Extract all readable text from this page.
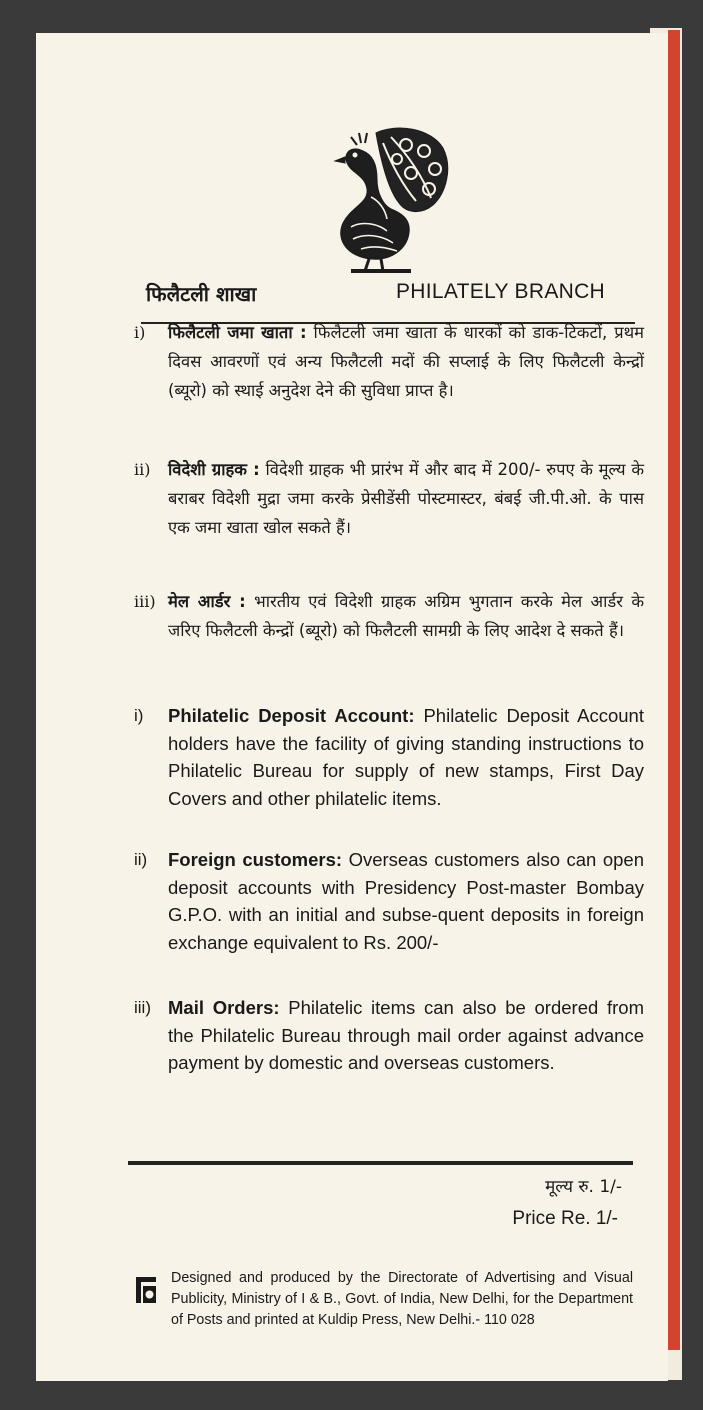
फिलैटली शाखा	PHILATELY BRANCH
i)	फिलैटली जमा खाता : फिलैटली जमा खाता के धारकों को डाक-टिकटों, प्रथम दिवस आवरणों एवं अन्य फिलैटली मदों की सप्लाई के लिए फिलैटली केन्द्रों (ब्यूरो) को स्थाई अनुदेश देने की सुविधा प्राप्त है।
ii)	विदेशी ग्राहक : विदेशी ग्राहक भी प्रारंभ में और बाद में 200/- रुपए के मूल्य के बराबर विदेशी मुद्रा जमा करके प्रेसीडेंसी पोस्टमास्टर, बंबई जी.पी.ओ. के पास एक जमा खाता खोल सकते हैं।
iii) मेल आर्डर : भारतीय एवं विदेशी ग्राहक अग्रिम भुगतान करके मेल आर्डर के जरिए फिलैटली केन्द्रों (ब्यूरो) को फिलैटली सामग्री के लिए आदेश दे सकते हैं।
i)	Philatelic Deposit Account: Philatelic Deposit Account holders have the facility of giving standing instructions to Philatelic Bureau for supply of new stamps, First Day Covers and other philatelic items.
ii)	Foreign customers: Overseas customers also can open deposit accounts with Presidency Post-master Bombay G.P.O. with an initial and subse-quent deposits in foreign exchange equivalent to Rs. 200/-
iii) Mail Orders: Philatelic items can also be ordered from the Philatelic Bureau through mail order against advance payment by domestic and overseas customers.
मूल्य रु. 1/-
Price Re. 1/-
Designed and produced by the Directorate of Advertising and Visual Publicity, Ministry of I & B., Govt. of India, New Delhi, for the Department of Posts and printed at Kuldip Press, New Delhi.- 110 028
